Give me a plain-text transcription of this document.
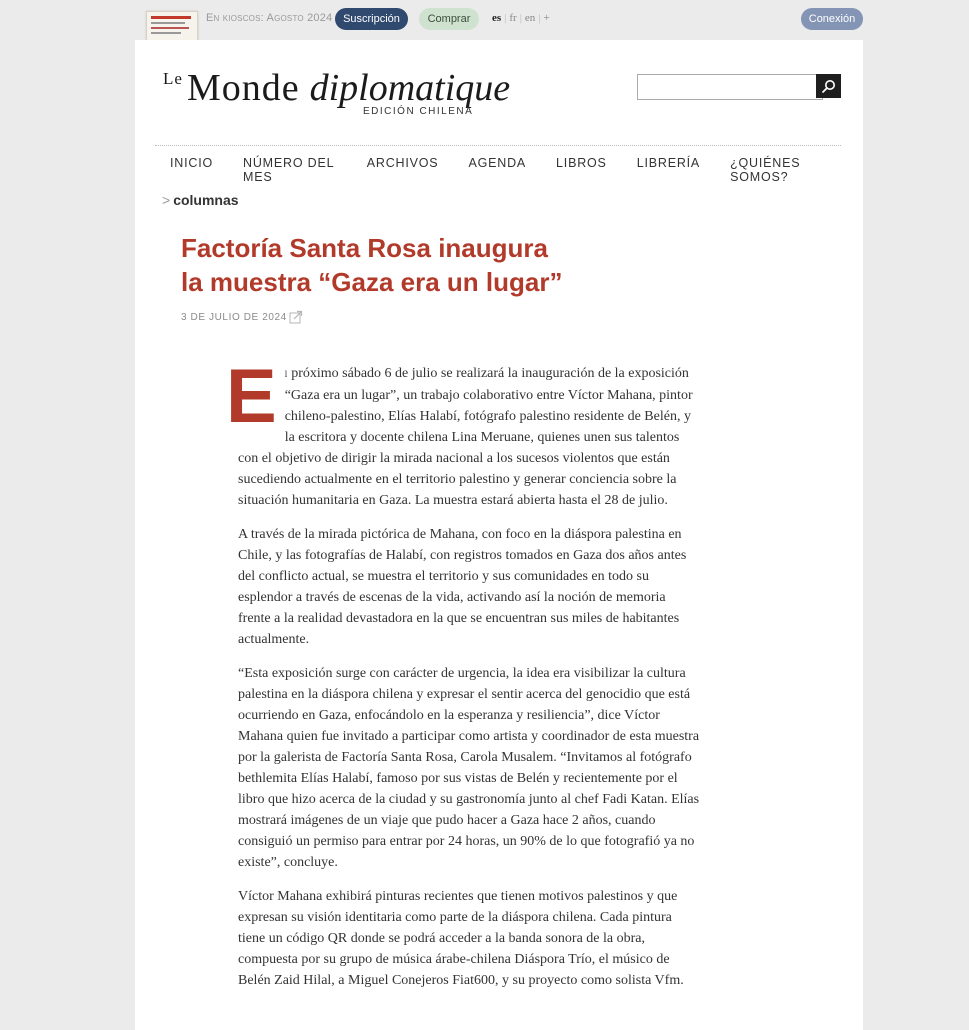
En kioscos: Agosto 2024 Suscripción	Comprar	es | fr | en | +	Conexión
Le Monde diplomatique
EDICIÓN CHILENA
INICIO	NÚMERO DEL MES
ARCHIVOS	AGENDA	LIBROS	LIBRERÍA	¿QUIÉNES SOMOS?
> columnas
Factoría Santa Rosa inaugura
la muestra “Gaza era un lugar”
3 DE JULIO DE 2024

El próximo sábado 6 de julio se realizará la inauguración de la exposición “Gaza era un lugar”, un trabajo colaborativo entre Víctor Mahana, pintor chileno-palestino, Elías Halabí, fotógrafo palestino residente de Belén, y la escritora y docente chilena Lina Meruane, quienes unen sus talentos con el objetivo de dirigir la mirada nacional a los sucesos violentos que están sucediendo actualmente en el territorio palestino y generar conciencia sobre la situación humanitaria en Gaza. La muestra estará abierta hasta el 28 de julio.

A través de la mirada pictórica de Mahana, con foco en la diáspora palestina en Chile, y las fotografías de Halabí, con registros tomados en Gaza dos años antes del conflicto actual, se muestra el territorio y sus comunidades en todo su esplendor a través de escenas de la vida, activando así la noción de memoria frente a la realidad devastadora en la que se encuentran sus miles de habitantes actualmente.

“Esta exposición surge con carácter de urgencia, la idea era visibilizar la cultura palestina en la diáspora chilena y expresar el sentir acerca del genocidio que está ocurriendo en Gaza, enfocándolo en la esperanza y resiliencia”, dice Víctor Mahana quien fue invitado a participar como artista y coordinador de esta muestra por la galerista de Factoría Santa Rosa, Carola Musalem. “Invitamos al fotógrafo bethlemita Elías Halabí, famoso por sus vistas de Belén y recientemente por el libro que hizo acerca de la ciudad y su gastronomía junto al chef Fadi Katan. Elías mostrará imágenes de un viaje que pudo hacer a Gaza hace 2 años, cuando consiguió un permiso para entrar por 24 horas, un 90% de lo que fotografió ya no existe”, concluye.

Víctor Mahana exhibirá pinturas recientes que tienen motivos palestinos y que expresan su visión identitaria como parte de la diáspora chilena. Cada pintura tiene un código QR donde se podrá acceder a la banda sonora de la obra, compuesta por su grupo de música árabe-chilena Diáspora Trío, el músico de Belén Zaid Hilal, a Miguel Conejeros Fiat600, y su proyecto como solista Vfm.
